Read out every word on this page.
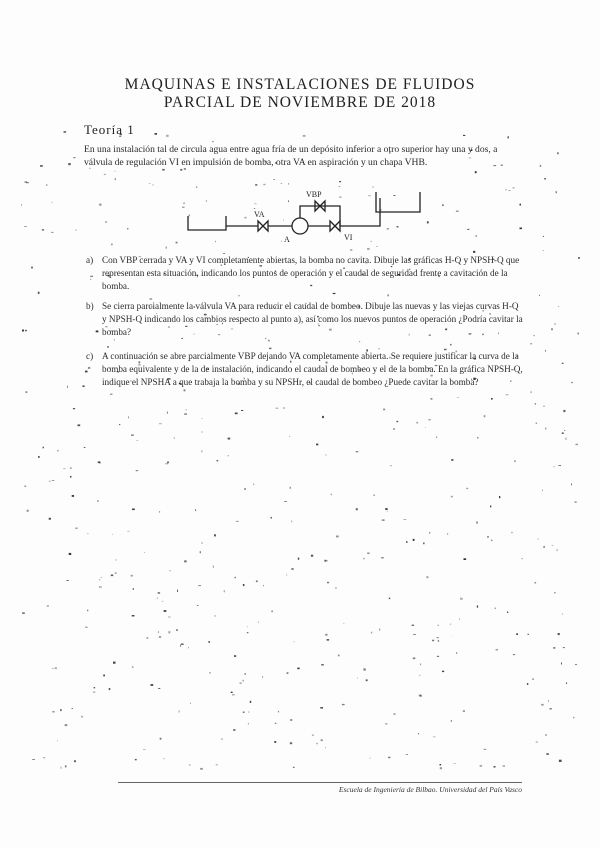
MAQUINAS E INSTALACIONES DE FLUIDOS
PARCIAL DE NOVIEMBRE DE 2018
Teoría 1
En una instalación tal de circula agua entre agua fría de un depósito inferior a otro superior hay una y dos, a válvula de regulación VI en impulsión de bomba, otra VA en aspiración y un chapa VHB.
VBP
VA
A	VI
a) Con VBP cerrada y VA y VI completamente abiertas, la bomba no cavita. Dibuje las gráficas H-Q y NPSH-Q que representan esta situación, indicando los puntos de operación y el caudal de seguridad frente a cavitación de la bomba.
b) Se cierra parcialmente la válvula VA para reducir el caudal de bombeo. Dibuje las nuevas y las viejas curvas H-Q y NPSH-Q indicando los cambios respecto al punto a), así como los nuevos puntos de operación ¿Podría cavitar la bomba?
c) A continuación se abre parcialmente VBP dejando VA completamente abierta. Se requiere justificar la curva de la bomba equivalente y de la de instalación, indicando el caudal de bombeo y el de la bomba. En la gráfica NPSH-Q, indique el NPSHA a que trabaja la bomba y su NPSHr, el caudal de bombeo ¿Puede cavitar la bomba?
Escuela de Ingeniería de Bilbao. Universidad del País Vasco
